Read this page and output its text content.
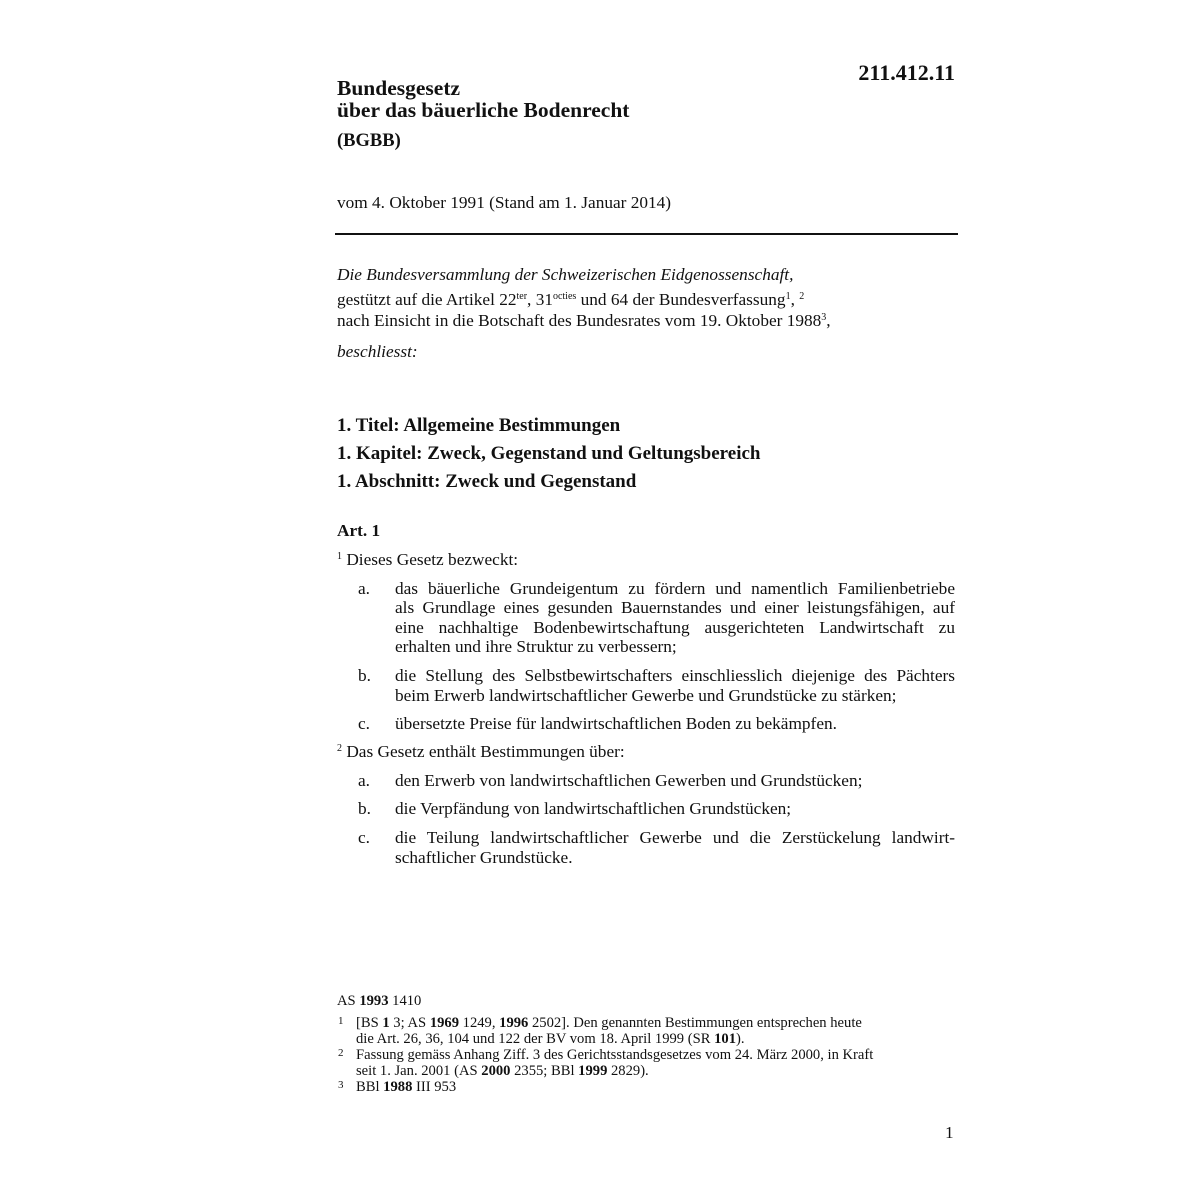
211.412.11
Bundesgesetz
über das bäuerliche Bodenrecht
(BGBB)
vom 4. Oktober 1991 (Stand am 1. Januar 2014)
Die Bundesversammlung der Schweizerischen Eidgenossenschaft,
gestützt auf die Artikel $22^{ter}$, $31^{octies}$ und 64 der Bundesverfassung$^1$, $^2$
nach Einsicht in die Botschaft des Bundesrates vom 19. Oktober 1988$^3$,
beschliesst:
1. Titel: Allgemeine Bestimmungen
1. Kapitel: Zweck, Gegenstand und Geltungsbereich
1. Abschnitt: Zweck und Gegenstand
Art. 1
$^1$ Dieses Gesetz bezweckt:
a. das bäuerliche Grundeigentum zu fördern und namentlich Familienbetriebe
als Grundlage eines gesunden Bauernstandes und einer leistungsfähigen, auf
eine nachhaltige Bodenbewirtschaftung ausgerichteten Landwirtschaft zu
erhalten und ihre Struktur zu verbessern;
b. die Stellung des Selbstbewirtschafters einschliesslich diejenige des Pächters
beim Erwerb landwirtschaftlicher Gewerbe und Grundstücke zu stärken;
c. übersetzte Preise für landwirtschaftlichen Boden zu bekämpfen.
$^2$ Das Gesetz enthält Bestimmungen über:
a. den Erwerb von landwirtschaftlichen Gewerben und Grundstücken;
b. die Verpfändung von landwirtschaftlichen Grundstücken;
c. die Teilung landwirtschaftlicher Gewerbe und die Zerstückelung landwirt-
schaftlicher Grundstücke.
AS 1993 1410
1 [BS 1 3; AS 1969 1249, 1996 2502]. Den genannten Bestimmungen entsprechen heute
die Art. 26, 36, 104 und 122 der BV vom 18. April 1999 (SR 101).
2 Fassung gemäss Anhang Ziff. 3 des Gerichtsstandsgesetzes vom 24. März 2000, in Kraft
seit 1. Jan. 2001 (AS 2000 2355; BBl 1999 2829).
3 BBl 1988 III 953
1
